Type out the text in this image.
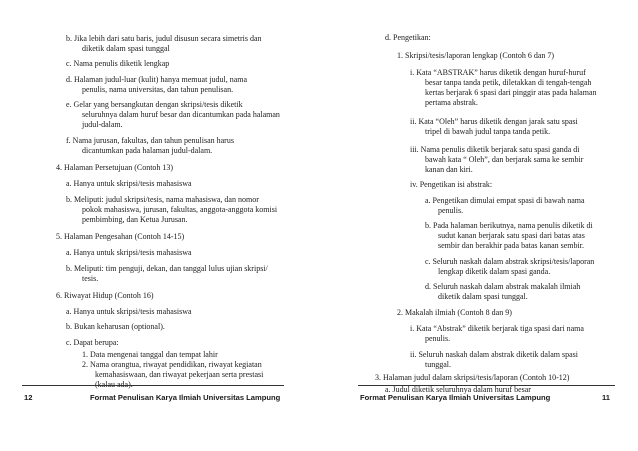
b. Jika lebih dari satu baris, judul disusun secara simetris dan
diketik dalam spasi tunggal
c. Nama penulis diketik lengkap
d. Halaman judul-luar (kulit) hanya memuat judul, nama
penulis, nama universitas, dan tahun penulisan.
e. Gelar yang bersangkutan dengan skripsi/tesis diketik
seluruhnya dalam huruf besar dan dicantumkan pada halaman
judul-dalam.
f. Nama jurusan, fakultas, dan tahun penulisan harus
dicantumkan pada halaman judul-dalam.
4. Halaman Persetujuan (Contoh 13)
a. Hanya untuk skripsi/tesis mahasiswa
b. Meliputi: judul skripsi/tesis, nama mahasiswa, dan nomor
pokok mahasiswa, jurusan, fakultas, anggota-anggota komisi
pembimbing, dan Ketua Jurusan.
5. Halaman Pengesahan (Contoh 14-15)
a. Hanya untuk skripsi/tesis mahasiswa
b. Meliputi: tim penguji, dekan, dan tanggal lulus ujian skripsi/
tesis.
6. Riwayat Hidup (Contoh 16)
a. Hanya untuk skripsi/tesis mahasiswa
b. Bukan keharusan (optional).
c. Dapat berupa:
1. Data mengenai tanggal dan tempat lahir
2. Nama orangtua, riwayat pendidikan, riwayat kegiatan
kemahasiswaan, dan riwayat pekerjaan serta prestasi
(kalau ada).
12	Format Penulisan Karya Ilmiah Universitas Lampung
d. Pengetikan:
1. Skripsi/tesis/laporan lengkap (Contoh 6 dan 7)
i. Kata “ABSTRAK” harus diketik dengan huruf-huruf
besar tanpa tanda petik, diletakkan di tengah-tengah
kertas berjarak 6 spasi dari pinggir atas pada halaman
pertama abstrak.
ii. Kata “Oleh” harus diketik dengan jarak satu spasi
tripel di bawah judul tanpa tanda petik.
iii. Nama penulis diketik berjarak satu spasi ganda di
bawah kata “ Oleh”, dan berjarak sama ke sembir
kanan dan kiri.
iv. Pengetikan isi abstrak:
a. Pengetikan dimulai empat spasi di bawah nama
penulis.
b. Pada halaman berikutnya, nama penulis diketik di
sudut kanan berjarak satu spasi dari batas atas
sembir dan berakhir pada batas kanan sembir.
c. Seluruh naskah dalam abstrak skripsi/tesis/laporan
lengkap diketik dalam spasi ganda.
d. Seluruh naskah dalam abstrak makalah ilmiah
diketik dalam spasi tunggal.
2. Makalah ilmiah (Contoh 8 dan 9)
i. Kata “Abstrak” diketik berjarak tiga spasi dari nama
penulis.
ii. Seluruh naskah dalam abstrak diketik dalam spasi
tunggal.
3. Halaman judul dalam skripsi/tesis/laporan (Contoh 10-12)
a. Judul diketik seluruhnya dalam huruf besar
Format Penulisan Karya Ilmiah Universitas Lampung	11
